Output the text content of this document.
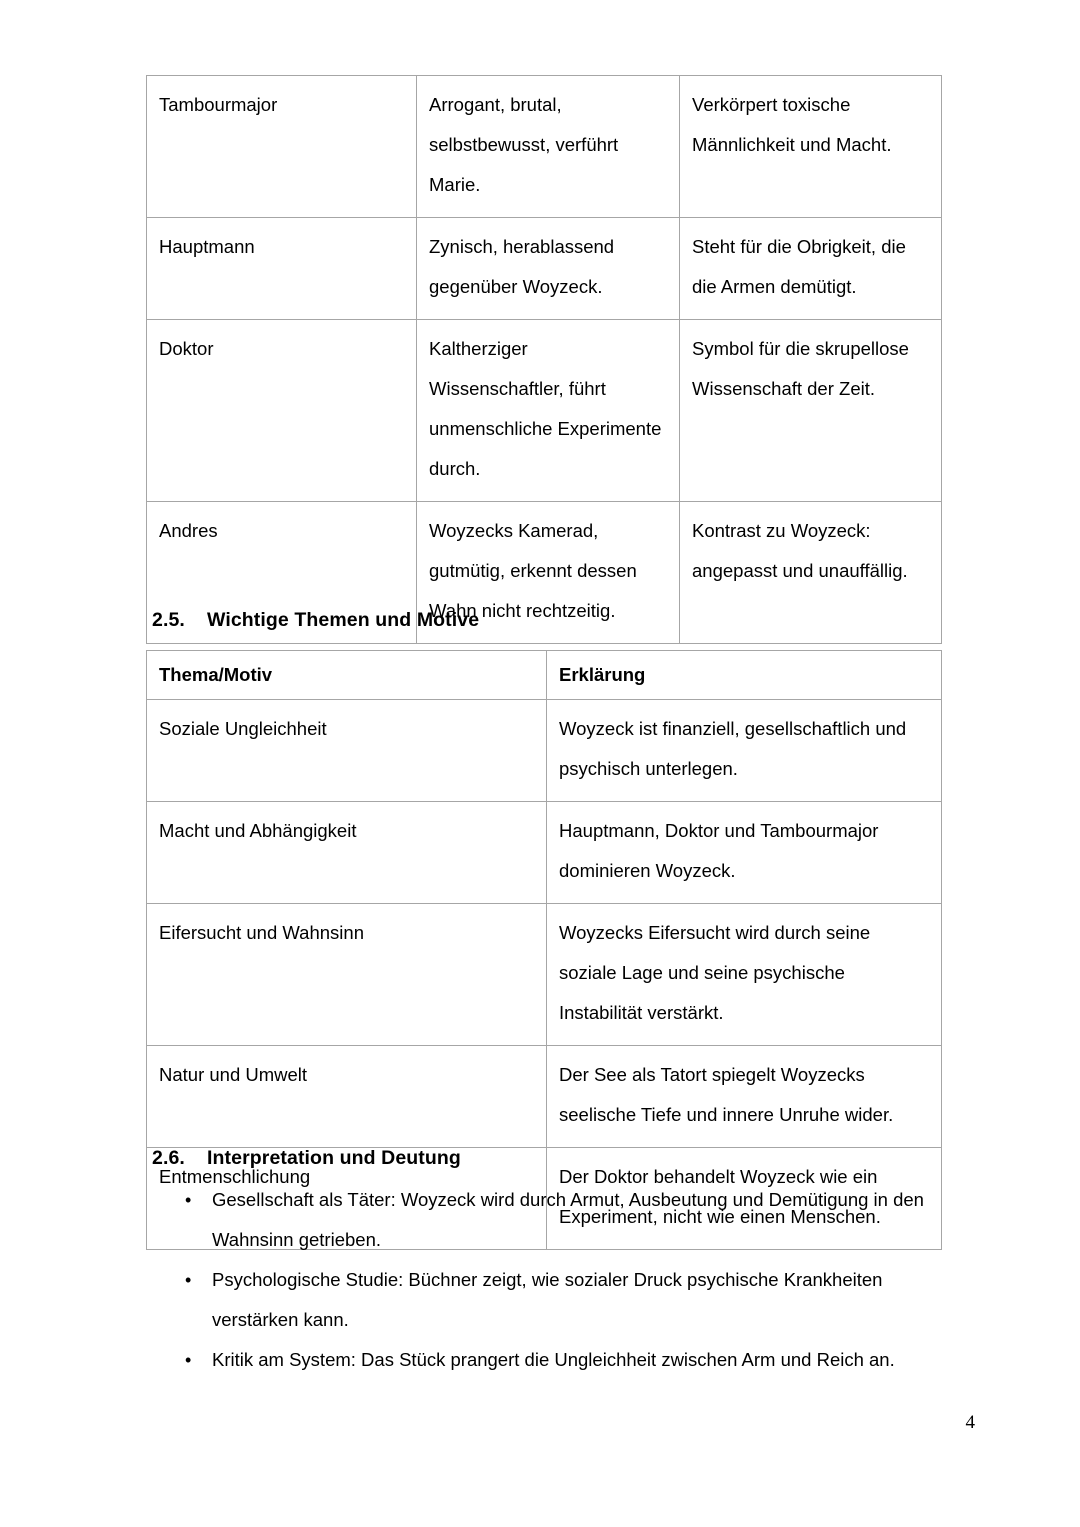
Tambourmajor	Arrogant, brutal, selbstbewusst, verführt Marie.	Verkörpert toxische Männlichkeit und Macht.
Hauptmann	Zynisch, herablassend gegenüber Woyzeck.	Steht für die Obrigkeit, die die Armen demütigt.
Doktor	Kaltherziger Wissenschaftler, führt unmenschliche Experimente durch.	Symbol für die skrupellose Wissenschaft der Zeit.
Andres	Woyzecks Kamerad, gutmütig, erkennt dessen Wahn nicht rechtzeitig.	Kontrast zu Woyzeck: angepasst und unauffällig.
2.5. Wichtige Themen und Motive
Thema/Motiv	Erklärung
Soziale Ungleichheit	Woyzeck ist finanziell, gesellschaftlich und psychisch unterlegen.
Macht und Abhängigkeit	Hauptmann, Doktor und Tambourmajor dominieren Woyzeck.
Eifersucht und Wahnsinn	Woyzecks Eifersucht wird durch seine soziale Lage und seine psychische Instabilität verstärkt.
Natur und Umwelt	Der See als Tatort spiegelt Woyzecks seelische Tiefe und innere Unruhe wider.
Entmenschlichung	Der Doktor behandelt Woyzeck wie ein Experiment, nicht wie einen Menschen.
2.6. Interpretation und Deutung
• Gesellschaft als Täter: Woyzeck wird durch Armut, Ausbeutung und Demütigung in den Wahnsinn getrieben.
• Psychologische Studie: Büchner zeigt, wie sozialer Druck psychische Krankheiten verstärken kann.
• Kritik am System: Das Stück prangert die Ungleichheit zwischen Arm und Reich an.
4
